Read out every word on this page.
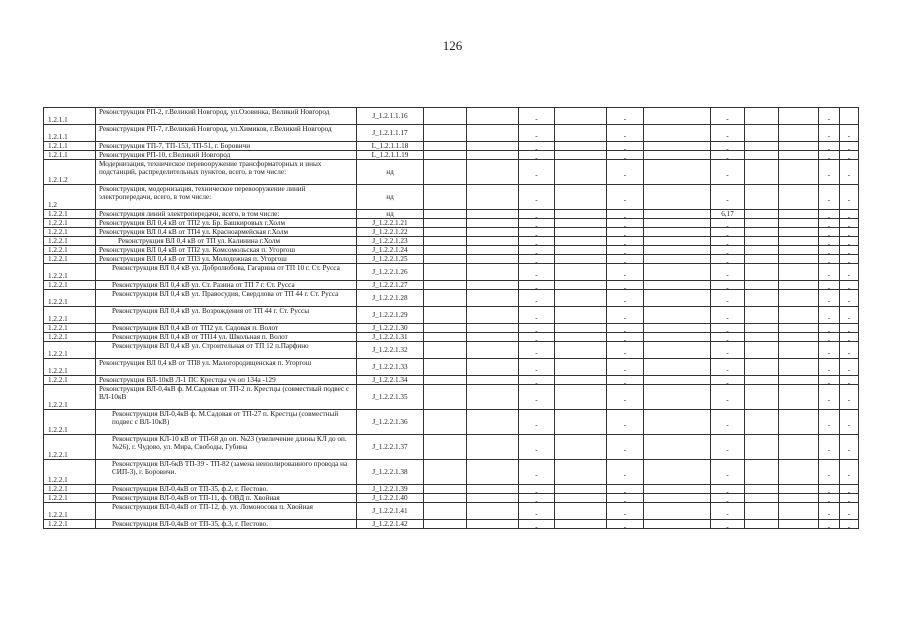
126
1.2.1.1	Реконструкция РП-2, г.Великий Новгород, ул.Озовинка, Великий Новгород	J_1.2.1.1.16			-		-		-			-		
1.2.1.1	Реконструкция РП-7, г.Великий Новгород, ул.Химиков, г.Великий Новгород	J_1.2.1.1.17			-		-		-			-	-	
1.2.1.1	Реконструкция ТП-7, ТП-153, ТП-51, г. Боровичи	L_1.2.1.1.18			-		-		-			-	-	
1.2.1.1	Реконструкция РП-10, г.Великий Новгород	L_1.2.1.1.19			-		-		-			-	-	
1.2.1.2	Модернизация, техническое перевооружение трансформаторных и иных подстанций, распределительных пунктов, всего, в том числе:	нд			-		-		-			-	-	
1.2	Реконструкция, модернизация, техническое перевооружение линий электропередачи, всего, в том числе:	нд			-		-		-			-	-	
1.2.2.1	Реконструкция линий электропередачи, всего, в том числе:	нд			-		-		6,17			-	-	
1.2.2.1	Реконструкция ВЛ 0,4 кВ от ТП2 ул. Бр. Башкировых г.Холм	J_1.2.2.1.21			-		-		-			-	-	
1.2.2.1	Реконструкция ВЛ 0,4 кВ от ТП4 ул. Красноармейская г.Холм	J_1.2.2.1.22			-		-		-			-	-	
1.2.2.1	Реконструкция ВЛ 0,4 кВ от ТП ул. Калинина г.Холм	J_1.2.2.1.23			-		-		-			-	-	
1.2.2.1	Реконструкция ВЛ 0,4 кВ от ТП2 ул. Комсомольская п. Угоргош	J_1.2.2.1.24			-		-		-			-	-	
1.2.2.1	Реконструкция ВЛ 0,4 кВ от ТП3 ул. Молодежная п. Угоргош	J_1.2.2.1.25			-		-		-			-	-	
1.2.2.1	Реконструкция ВЛ 0,4 кВ ул. Добролюбова, Гагарина от ТП 10 г. Ст. Русса	J_1.2.2.1.26			-		-		-			-	-	
1.2.2.1	Реконструкция ВЛ 0,4 кВ ул. Ст. Разина от ТП 7 г. Ст. Русса	J_1.2.2.1.27			-		-		-			-	-	
1.2.2.1	Реконструкция ВЛ 0,4 кВ ул. Правосудия, Свердлова от ТП 44 г. Ст. Русса	J_1.2.2.1.28			-		-		-			-	-	
1.2.2.1	Реконструкция ВЛ 0,4 кВ ул. Возрождения от ТП 44 г. Ст. Руссы	J_1.2.2.1.29			-		-		-			-	-	
1.2.2.1	Реконструкция ВЛ 0,4 кВ от ТП2 ул. Садовая п. Волот	J_1.2.2.1.30			-		-		-			-	-	
1.2.2.1	Реконструкция ВЛ 0,4 кВ от ТП14 ул. Школьная п. Волот	J_1.2.2.1.31			-		-		-			-	-	
1.2.2.1	Реконструкция ВЛ 0,4 кВ ул. Строительная от ТП 12 п.Парфино	J_1.2.2.1.32			-		-		-			-	-	
1.2.2.1	Реконструкция ВЛ 0,4 кВ от ТП8 ул. Малогородищенская п. Угоргош	J_1.2.2.1.33			-		-		-			-	-	
1.2.2.1	Реконструкция ВЛ-10кВ Л-1 ПС Крестцы уч оп 134а -129	J_1.2.2.1.34			-		-		-			-	-	
1.2.2.1	Реконструкция ВЛ-0,4кВ ф. М.Садовая от ТП-2 п. Крестцы (совместный подвес с ВЛ-10кВ	J_1.2.2.1.35			-		-		-			-	-	
1.2.2.1	Реконструкция ВЛ-0,4кВ ф. М.Садовая от ТП-27 п. Крестцы (совместный подвес с ВЛ-10кВ)	J_1.2.2.1.36			-		-		-			-	-	
1.2.2.1	Реконструкция КЛ-10 кВ от ТП-68 до оп. №23 (увеличение длины КЛ до оп. №26), г. Чудово, ул. Мира, Свободы, Губина	J_1.2.2.1.37			-		-		-			-	-	
1.2.2.1	Реконструкция ВЛ-6кВ ТП-39 - ТП-82 (замена неизолированного провода на СИП-3), г. Боровичи.	J_1.2.2.1.38			-		-		-			-	-	
1.2.2.1	Реконструкция ВЛ-0,4кВ от ТП-35, ф.2, г. Пестово.	J_1.2.2.1.39			-		-		-			-	-	
1.2.2.1	Реконструкция ВЛ-0,4кВ от ТП-11, ф. ОВД п. Хвойная	J_1.2.2.1.40			-		-		-			-	-	
1.2.2.1	Реконструкция ВЛ-0,4кВ от ТП-12, ф. ул. Ломоносова п. Хвойная	J_1.2.2.1.41			-		-		-			-	-	
1.2.2.1	Реконструкция ВЛ-0,4кВ от ТП-35, ф.3, г. Пестово.	J_1.2.2.1.42			-		-		-			-	-	
